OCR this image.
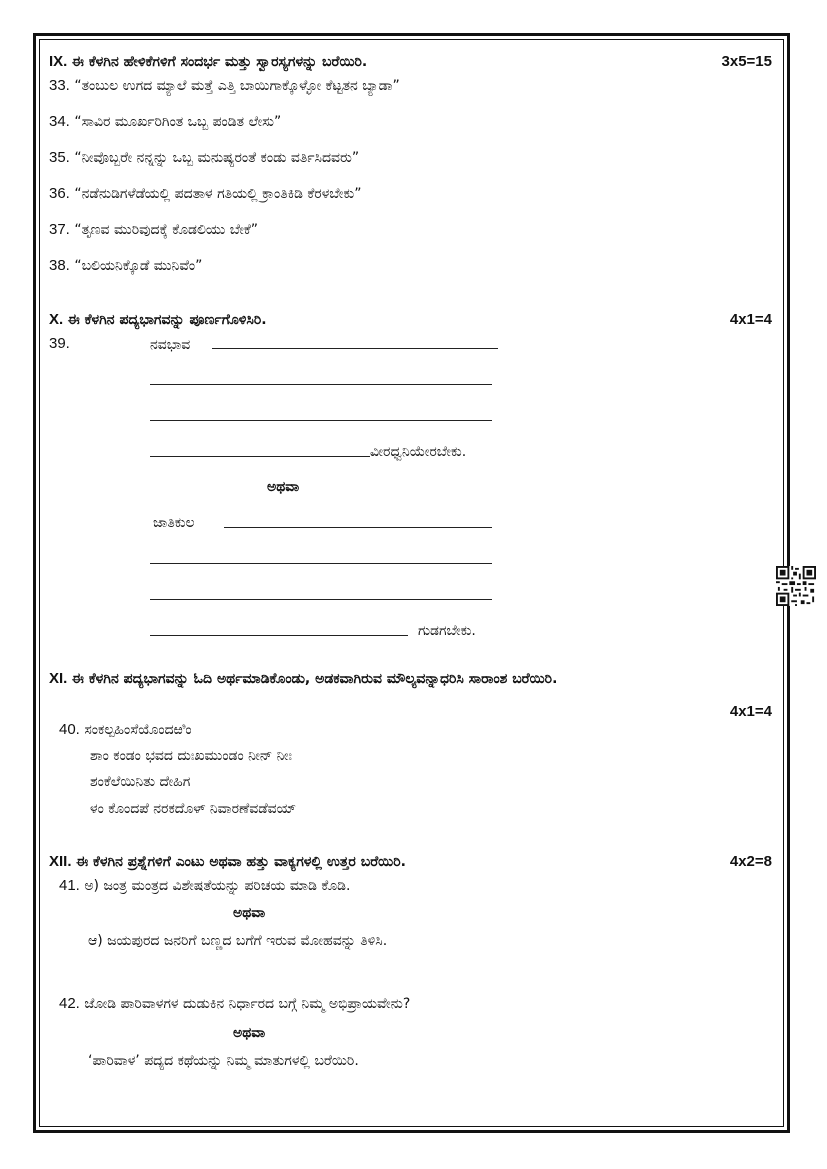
IX. ಈ ಕೆಳಗಿನ ಹೇಳಿಕೆಗಳಿಗೆ ಸಂದರ್ಭ ಮತ್ತು ಸ್ವಾರಸ್ಯಗಳನ್ನು ಬರೆಯಿರಿ.	3x5=15
33. “ತಂಬುಲ ಉಗದ ಮ್ಯಾಲೆ ಮತ್ತೆ ಎತ್ತಿ ಬಾಯಿಗಾಕ್ಕೊಳ್ಳೋ ಕೆಟ್ಟತನ ಬ್ಯಾಡಾ”
34. “ಸಾವಿರ ಮೂರ್ಖರಿಗಿಂತ ಒಬ್ಬ ಪಂಡಿತ ಲೇಸು”
35. “ನೀವೊಬ್ಬರೇ ನನ್ನನ್ನು ಒಬ್ಬ ಮನುಷ್ಯರಂತೆ ಕಂಡು ವರ್ತಿಸಿದವರು”
36. “ನಡೆನುಡಿಗಳೆಡೆಯಲ್ಲಿ ಪದತಾಳ ಗತಿಯಲ್ಲಿ ಕ್ರಾಂತಿಕಿಡಿ ಕೆರಳಬೇಕು”
37. “ತೃಣವ ಮುರಿವುದಕ್ಕೆ ಕೊಡಲಿಯು ಬೇಕೆ”
38. “ಬಲಿಯನಿಕ್ಕೊಡೆ ಮುನಿವೆಂ”
X. ಈ ಕೆಳಗಿನ ಪದ್ಯಭಾಗವನ್ನು ಪೂರ್ಣಗೊಳಿಸಿರಿ.	4x1=4
39.	ನವಭಾವ
ವೀರಧ್ವನಿಯೇರಬೇಕು.
ಅಥವಾ
ಜಾತಿಕುಲ
ಗುಡಗಬೇಕು.
XI. ಈ ಕೆಳಗಿನ ಪದ್ಯಭಾಗವನ್ನು ಓದಿ ಅರ್ಥಮಾಡಿಕೊಂಡು, ಅಡಕವಾಗಿರುವ ಮೌಲ್ಯವನ್ನಾಧರಿಸಿ ಸಾರಾಂಶ ಬರೆಯಿರಿ.
4x1=4
40. ಸಂಕಲ್ಪಹಿಂಸೆಯೊಂದಱಿಂ
ಶಾಂ ಕಂಡಂ ಭವದ ದುಃಖಮುಂಡಂ ನೀನ್ ನೀಃ
ಶಂಕೆಲೆಯಿನಿತು ದೇಹಿಗ
ಳಂ ಕೊಂದಪೆ ನರಕದೊಳ್ ನಿವಾರಣೆವಡೆವಯ್
XII. ಈ ಕೆಳಗಿನ ಪ್ರಶ್ನೆಗಳಿಗೆ ಎಂಟು ಅಥವಾ ಹತ್ತು ವಾಕ್ಯಗಳಲ್ಲಿ ಉತ್ತರ ಬರೆಯಿರಿ.	4x2=8
41. ಅ) ಜಂತ್ರ ಮಂತ್ರದ ವಿಶೇಷತೆಯನ್ನು ಪರಿಚಯ ಮಾಡಿ ಕೊಡಿ.
ಅಥವಾ
ಆ) ಜಯಪುರದ ಜನರಿಗೆ ಬಣ್ಣದ ಬಗೆಗೆ ಇರುವ ಮೋಹವನ್ನು ತಿಳಿಸಿ.
42. ಜೋಡಿ ಪಾರಿವಾಳಗಳ ದುಡುಕಿನ ನಿರ್ಧಾರದ ಬಗ್ಗೆ ನಿಮ್ಮ ಅಭಿಪ್ರಾಯವೇನು?
ಅಥವಾ
‘ಪಾರಿವಾಳ’ ಪದ್ಯದ ಕಥೆಯನ್ನು ನಿಮ್ಮ ಮಾತುಗಳಲ್ಲಿ ಬರೆಯಿರಿ.
